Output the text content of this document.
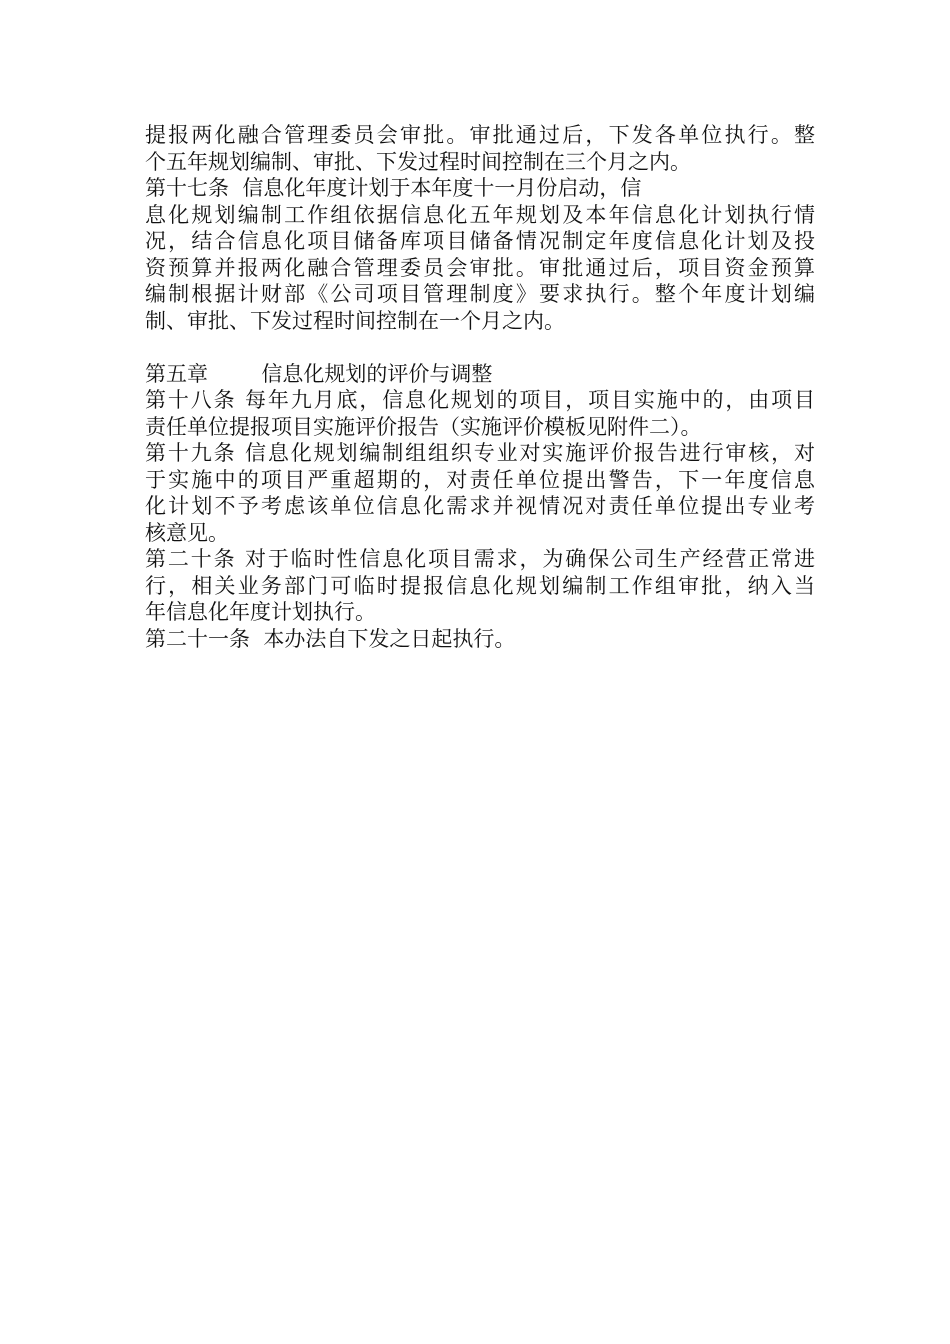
提报两化融合管理委员会审批。审批通过后，下发各单位执行。整
个五年规划编制、审批、下发过程时间控制在三个月之内。
第十七条  信息化年度计划于本年度十一月份启动，信
息化规划编制工作组依据信息化五年规划及本年信息化计划执行情
况，结合信息化项目储备库项目储备情况制定年度信息化计划及投
资预算并报两化融合管理委员会审批。审批通过后，项目资金预算
编制根据计财部《公司项目管理制度》要求执行。整个年度计划编
制、审批、下发过程时间控制在一个月之内。
第五章        信息化规划的评价与调整
第十八条 每年九月底，信息化规划的项目，项目实施中的，由项目
责任单位提报项目实施评价报告（实施评价模板见附件二）。
第十九条 信息化规划编制组组织专业对实施评价报告进行审核，对
于实施中的项目严重超期的，对责任单位提出警告，下一年度信息
化计划不予考虑该单位信息化需求并视情况对责任单位提出专业考
核意见。
第二十条 对于临时性信息化项目需求，为确保公司生产经营正常进
行，相关业务部门可临时提报信息化规划编制工作组审批，纳入当
年信息化年度计划执行。
第二十一条  本办法自下发之日起执行。
